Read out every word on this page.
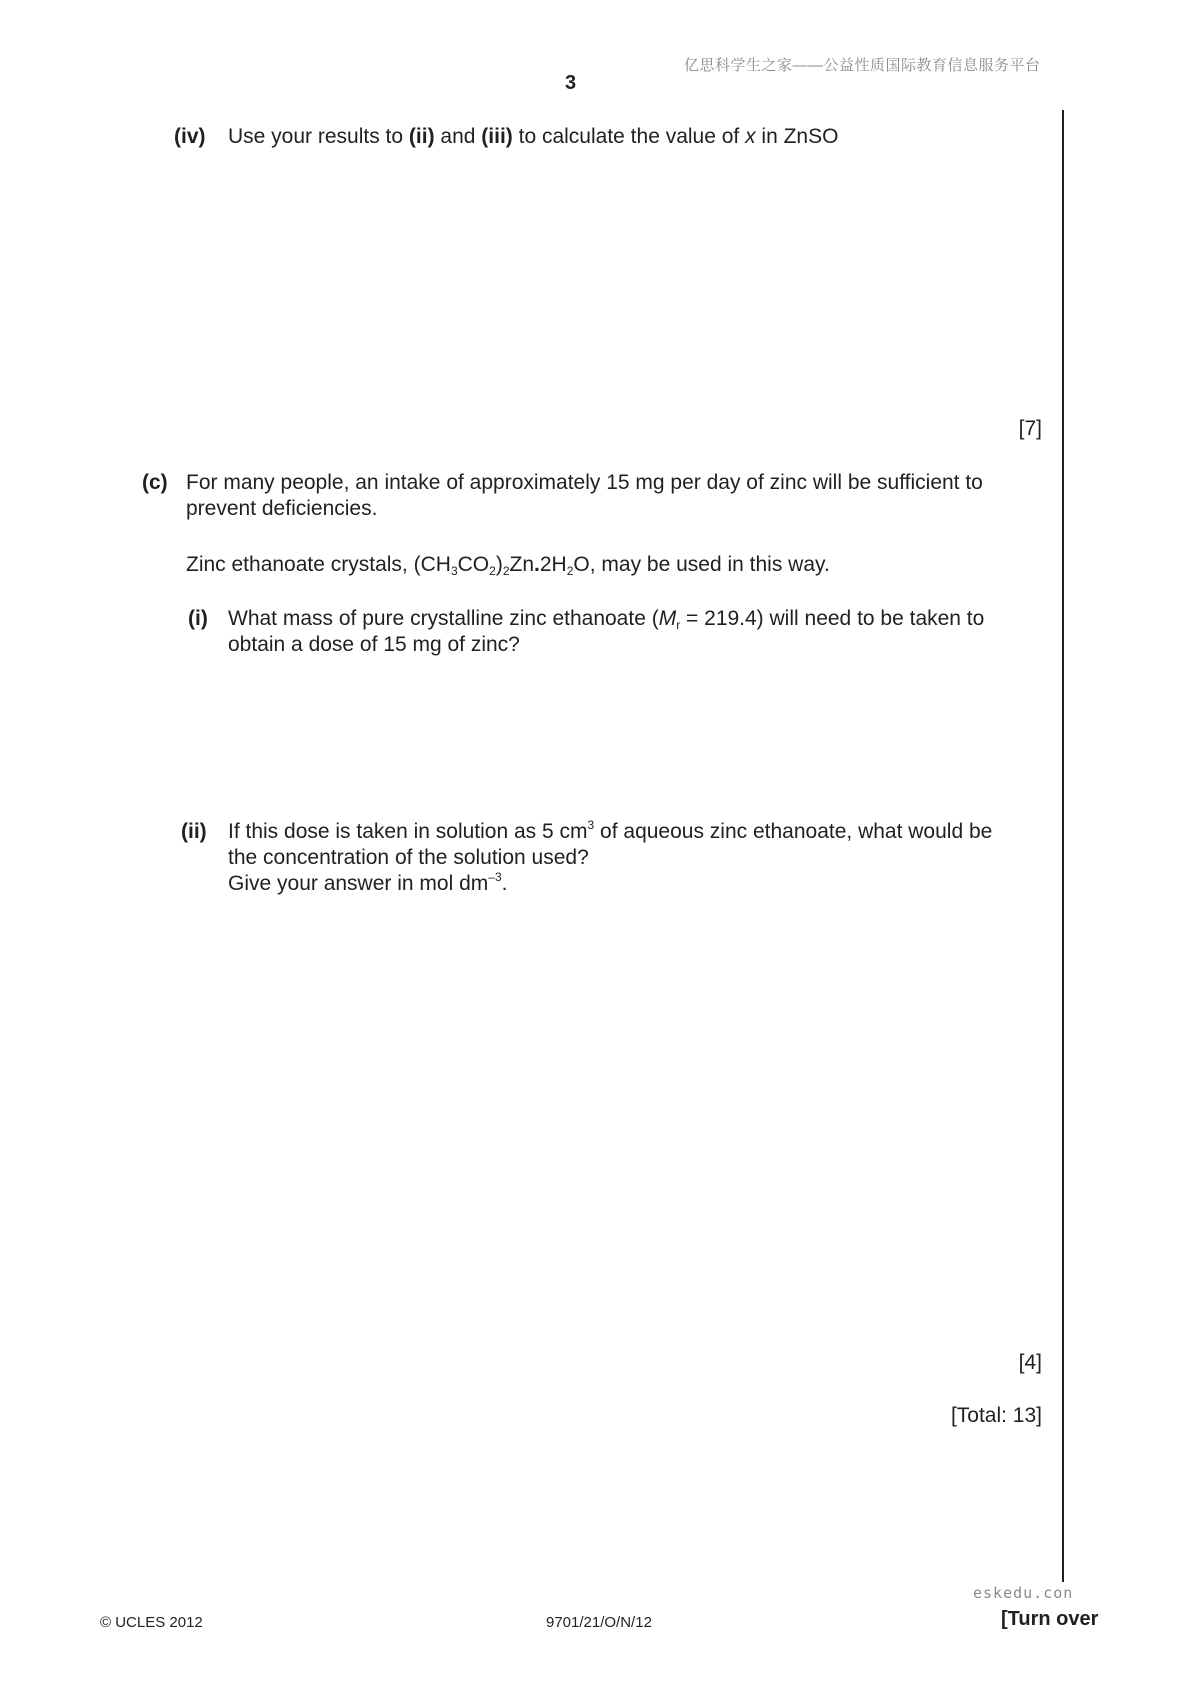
亿思科学生之家——公益性质国际教育信息服务平台
3
(iv) Use your results to (ii) and (iii) to calculate the value of x in ZnSO
[7]
(c) For many people, an intake of approximately 15 mg per day of zinc will be sufficient to
prevent deficiencies.
Zinc ethanoate crystals, $(CH_3CO_2)_2Zn.2H_2O$, may be used in this way.
(i) What mass of pure crystalline zinc ethanoate $(M_r = 219.4)$ will need to be taken to
obtain a dose of 15 mg of zinc?
(ii) If this dose is taken in solution as 5 $cm^3$ of aqueous zinc ethanoate, what would be
the concentration of the solution used?
Give your answer in mol $dm^{-3}$.
[4]
[Total: 13]
eskedu.con
© UCLES 2012	9701/21/O/N/12	[Turn over
